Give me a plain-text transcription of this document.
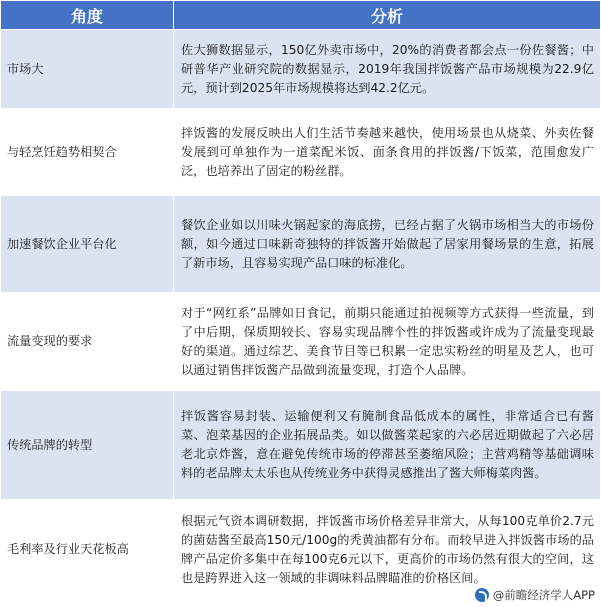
角度	分析
市场大	佐大狮数据显示，150亿外卖市场中，20%的消费者都会点一份佐餐酱；中研普华产业研究院的数据显示，2019年我国拌饭酱产品市场规模为22.9亿元，预计到2025年市场规模将达到42.2亿元。
与轻烹饪趋势相契合	拌饭酱的发展反映出人们生活节奏越来越快，使用场景也从烧菜、外卖佐餐发展到可单独作为一道菜配米饭、面条食用的拌饭酱/下饭菜，范围愈发广泛，也培养出了固定的粉丝群。
加速餐饮企业平台化	餐饮企业如以川味火锅起家的海底捞，已经占据了火锅市场相当大的市场份额，如今通过口味新奇独特的拌饭酱开始做起了居家用餐场景的生意，拓展了新市场，且容易实现产品口味的标准化。
流量变现的要求	对于“网红系”品牌如日食记，前期只能通过拍视频等方式获得一些流量，到了中后期，保质期较长、容易实现品牌个性的拌饭酱或许成为了流量变现最好的渠道。通过综艺、美食节目等已积累一定忠实粉丝的明星及艺人，也可以通过销售拌饭酱产品做到流量变现，打造个人品牌。
传统品牌的转型	拌饭酱容易封装、运输便利又有腌制食品低成本的属性，非常适合已有酱菜、泡菜基因的企业拓展品类。如以做酱菜起家的六必居近期做起了六必居老北京炸酱，意在避免传统市场的停滞甚至萎缩风险；主营鸡精等基础调味料的老品牌太太乐也从传统业务中获得灵感推出了酱大师梅菜肉酱。
毛利率及行业天花板高	根据元气资本调研数据，拌饭酱市场价格差异非常大，从每100克单价2.7元的菌菇酱至最高150元/100g的秃黄油都有分布。而较早进入拌饭酱市场的品牌产品定价多集中在每100克6元以下，更高价的市场仍然有很大的空间，这也是跨界进入这一领域的非调味料品牌瞄准的价格区间。
@前瞻经济学人APP
